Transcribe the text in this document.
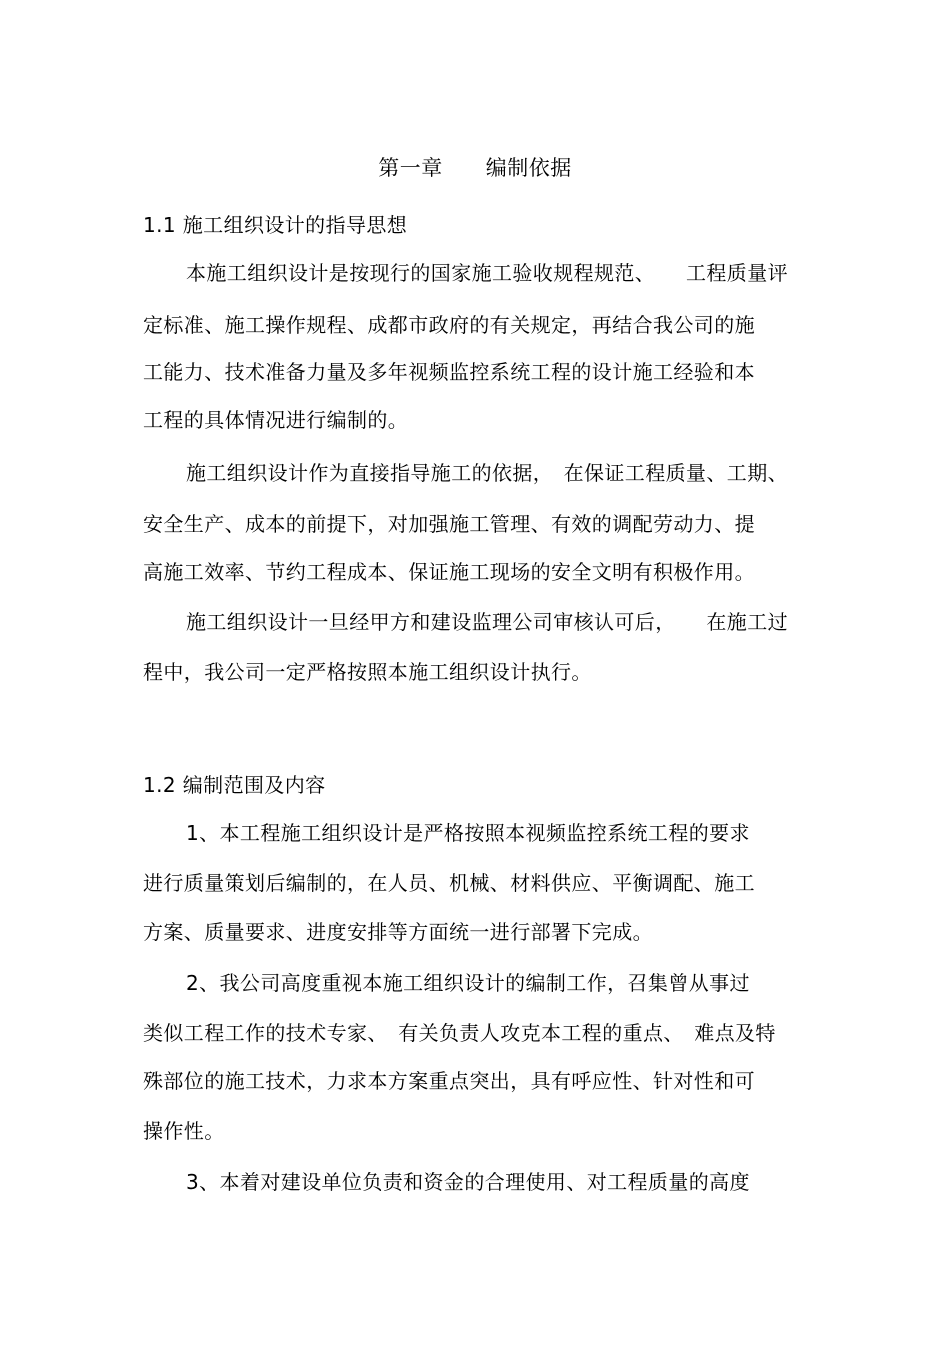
第一章　　编制依据
1.1 施工组织设计的指导思想
本施工组织设计是按现行的国家施工验收规程规范、　　工程质量评
定标准、施工操作规程、成都市政府的有关规定，再结合我公司的施
工能力、技术准备力量及多年视频监控系统工程的设计施工经验和本
工程的具体情况进行编制的。
施工组织设计作为直接指导施工的依据，　在保证工程质量、工期、
安全生产、成本的前提下，对加强施工管理、有效的调配劳动力、提
高施工效率、节约工程成本、保证施工现场的安全文明有积极作用。
施工组织设计一旦经甲方和建设监理公司审核认可后，　　在施工过
程中，我公司一定严格按照本施工组织设计执行。
1.2 编制范围及内容
1、本工程施工组织设计是严格按照本视频监控系统工程的要求
进行质量策划后编制的，在人员、机械、材料供应、平衡调配、施工
方案、质量要求、进度安排等方面统一进行部署下完成。
2、我公司高度重视本施工组织设计的编制工作，召集曾从事过
类似工程工作的技术专家、　有关负责人攻克本工程的重点、　难点及特
殊部位的施工技术，力求本方案重点突出，具有呼应性、针对性和可
操作性。
3、本着对建设单位负责和资金的合理使用、对工程质量的高度
